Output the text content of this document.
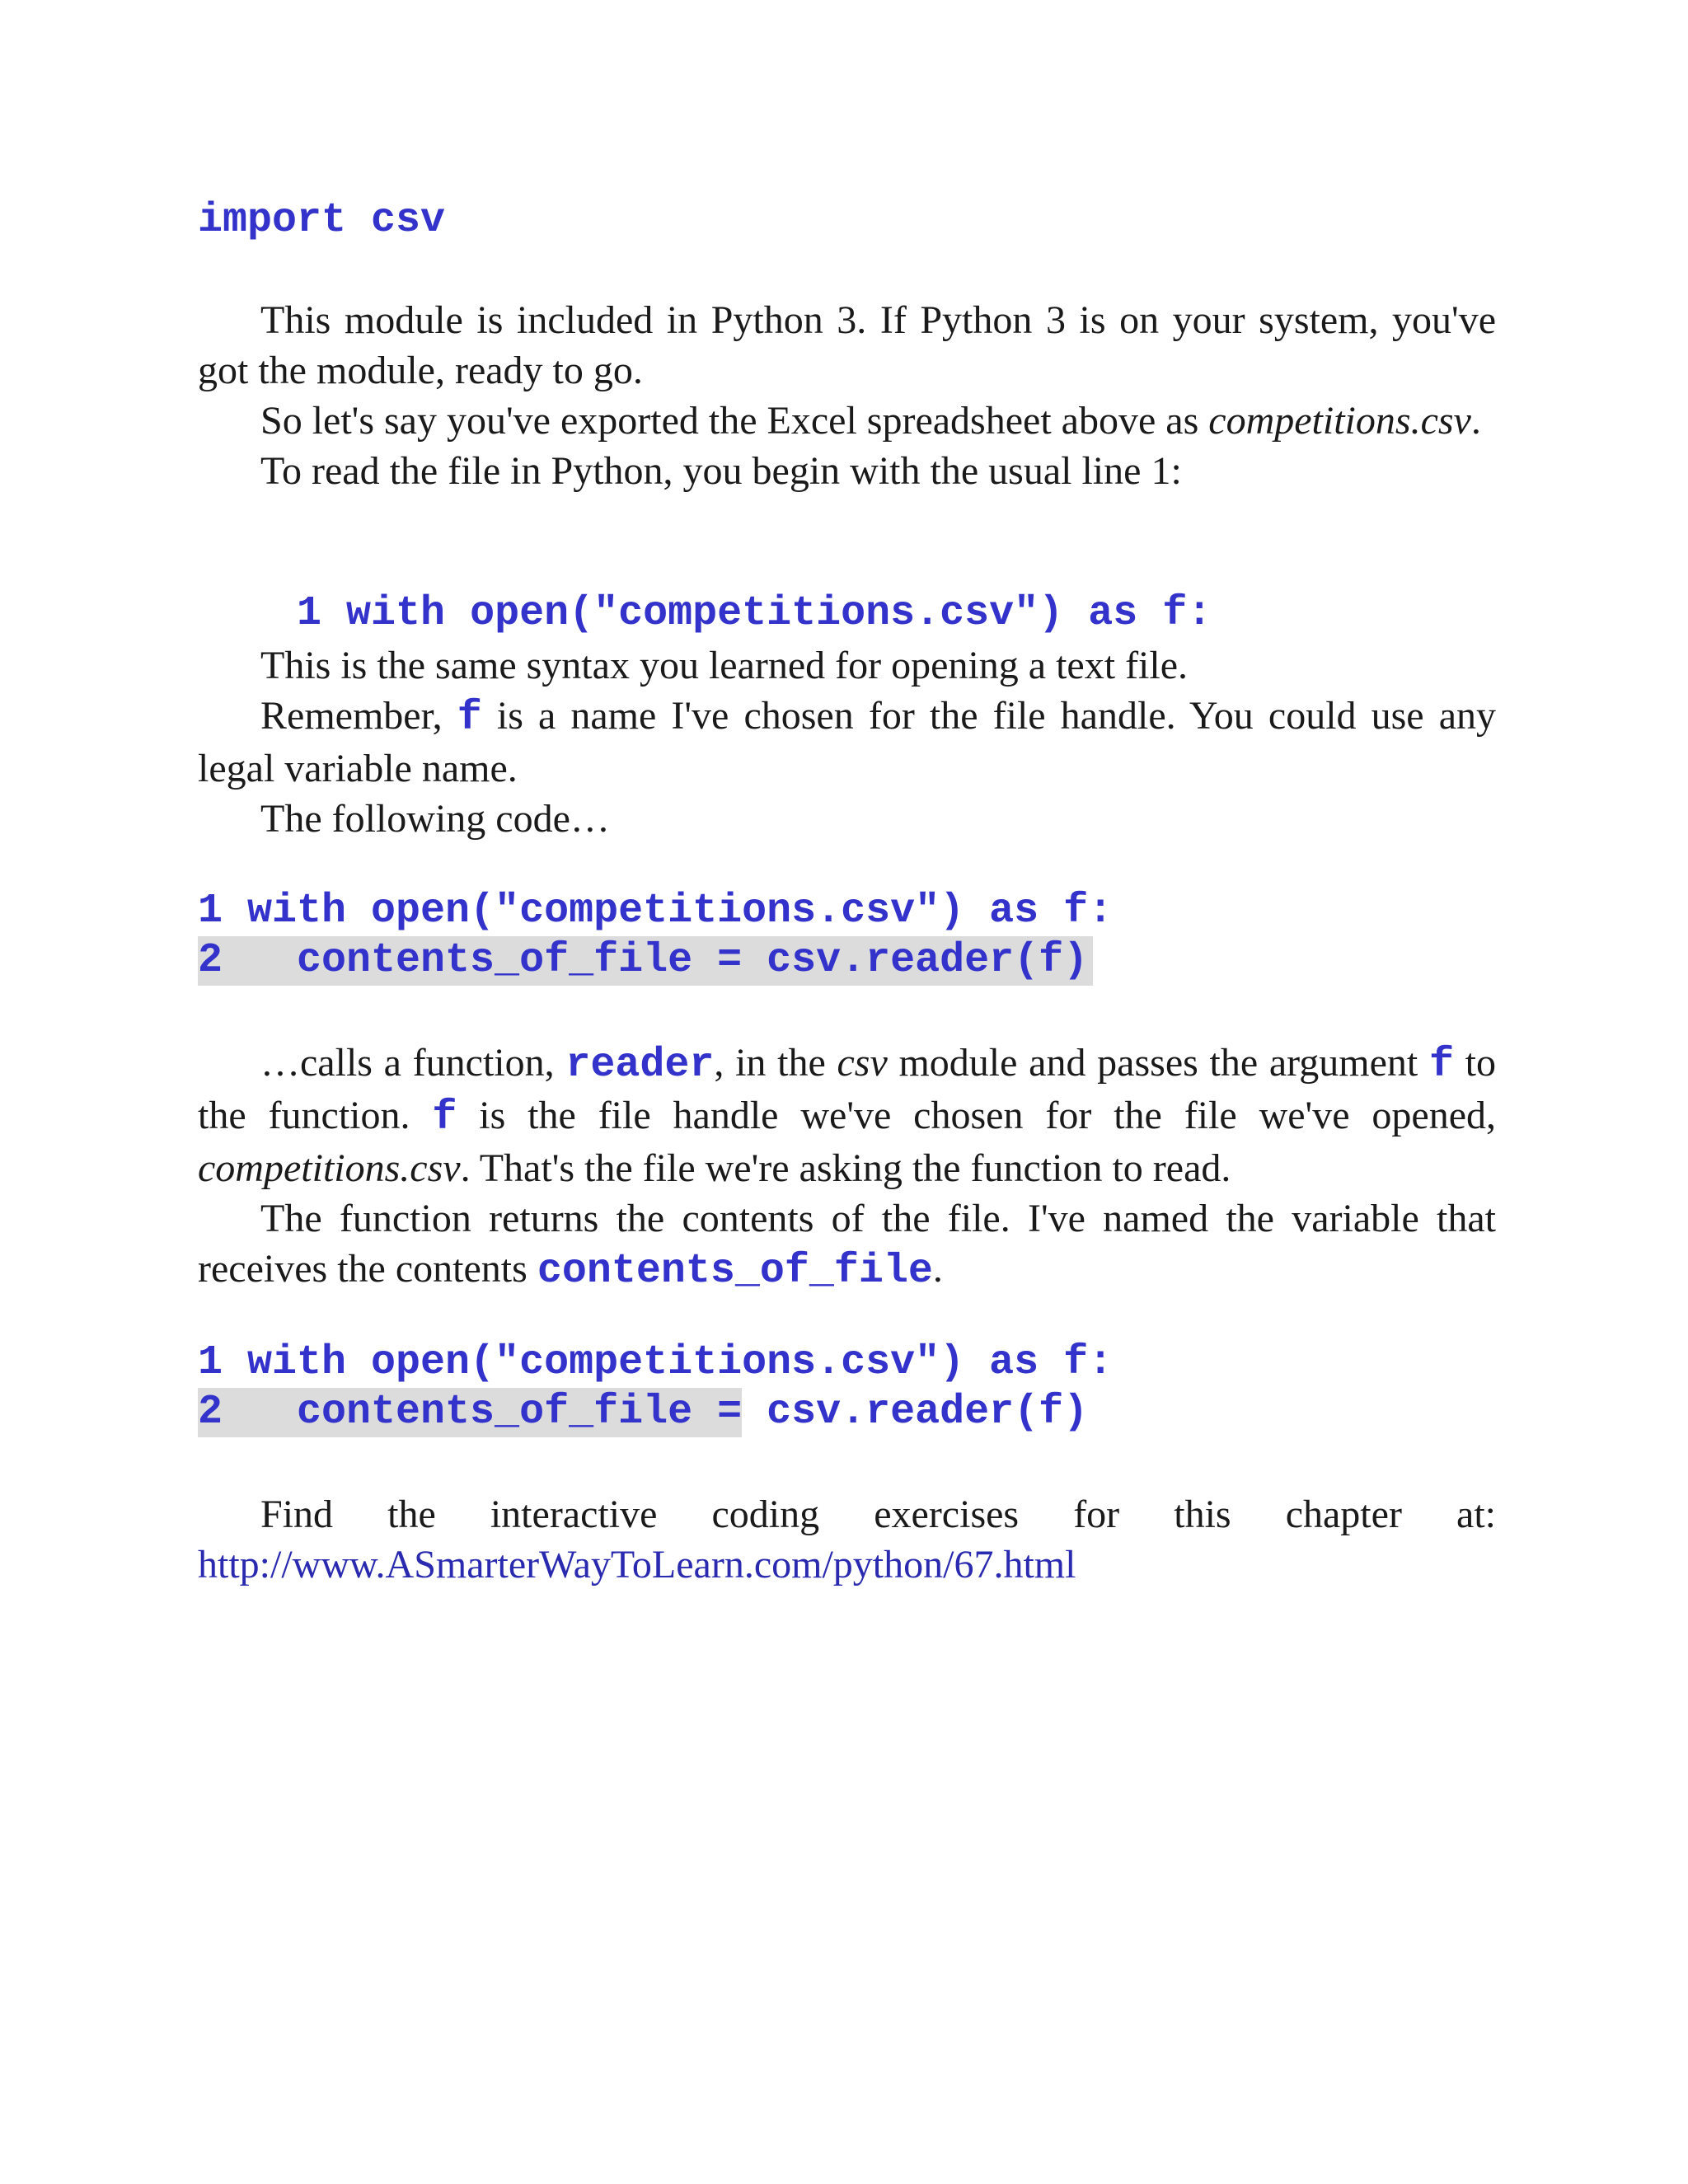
import csv

This module is included in Python 3. If Python 3 is on your system, you've got the module, ready to go.

So let's say you've exported the Excel spreadsheet above as competitions.csv.

To read the file in Python, you begin with the usual line 1:

1 with open("competitions.csv") as f:

This is the same syntax you learned for opening a text file.

Remember, f is a name I've chosen for the file handle. You could use any legal variable name.

The following code…

1 with open("competitions.csv") as f:
2   contents_of_file = csv.reader(f)

…calls a function, reader, in the csv module and passes the argument f to the function. f is the file handle we've chosen for the file we've opened, competitions.csv. That's the file we're asking the function to read.

The function returns the contents of the file. I've named the variable that receives the contents contents_of_file.

1 with open("competitions.csv") as f:
2   contents_of_file = csv.reader(f)

Find the interactive coding exercises for this chapter at:

http://www.ASmarterWayToLearn.com/python/67.html
